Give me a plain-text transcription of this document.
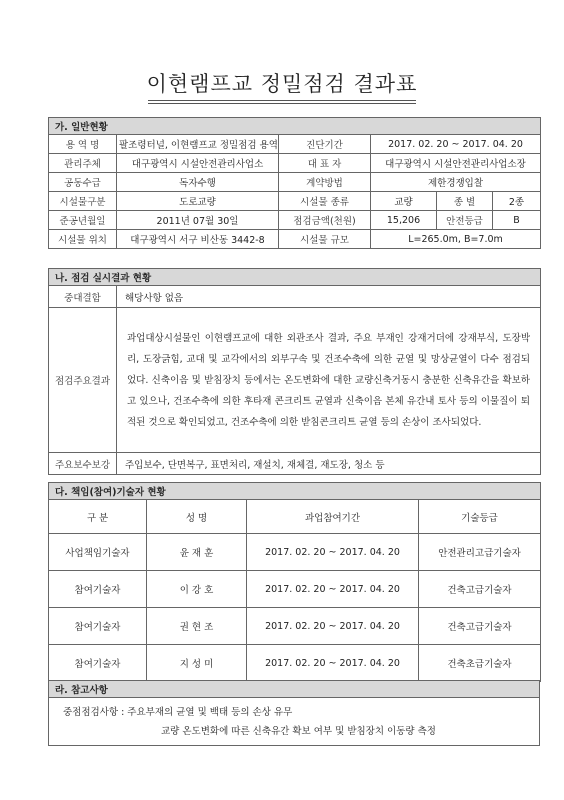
이현램프교 정밀점검 결과표
가. 일반현황					
용 역 명	팔조령터널, 이현램프교 정밀점검 용역	진단기간	2017. 02. 20 ~ 2017. 04. 20		
관리주체	대구광역시 시설안전관리사업소	대 표 자	대구광역시 시설안전관리사업소장		
공동수급	독자수행	계약방법	제한경쟁입찰		
시설물구분	도로교량	시설물 종류	교량	종 별	2종
준공년월일	2011년 07월 30일	점검금액(천원)	15,206	안전등급	B
시설물 위치	대구광역시 서구 비산동 3442-8	시설물 규모	L=265.0m, B=7.0m		
나. 점검 실시결과 현황	
중대결함	해당사항 없음
점검주요결과	과업대상시설물인 이현램프교에 대한 외관조사 결과, 주요 부재인 강재거더에 강재부식, 도장박리, 도장긁힘, 교대 및 교각에서의 외부구속 및 건조수축에 의한 균열 및 망상균열이 다수 점검되었다. 신축이음 및 받침장치 등에서는 온도변화에 대한 교량신축거동시 충분한 신축유간을 확보하고 있으나, 건조수축에 의한 후타재 콘크리트 균열과 신축이음 본체 유간내 토사 등의 이물질이 퇴적된 것으로 확인되었고, 건조수축에 의한 받침콘크리트 균열 등의 손상이 조사되었다.
주요보수보강	주입보수, 단면복구, 표면처리, 재설치, 재체결, 재도장, 청소 등
다. 책임(참여)기술자 현황			
구 분	성 명	과업참여기간	기술등급
사업책임기술자	윤 재 훈	2017. 02. 20 ~ 2017. 04. 20	안전관리고급기술자
참여기술자	이 강 호	2017. 02. 20 ~ 2017. 04. 20	건축고급기술자
참여기술자	권 현 조	2017. 02. 20 ~ 2017. 04. 20	건축고급기술자
참여기술자	지 성 미	2017. 02. 20 ~ 2017. 04. 20	건축초급기술자
라. 참고사항

중점점검사항 : 주요부재의 균열 및 백태 등의 손상 유무
교량 온도변화에 따른 신축유간 확보 여부 및 받침장치 이동량 측정
